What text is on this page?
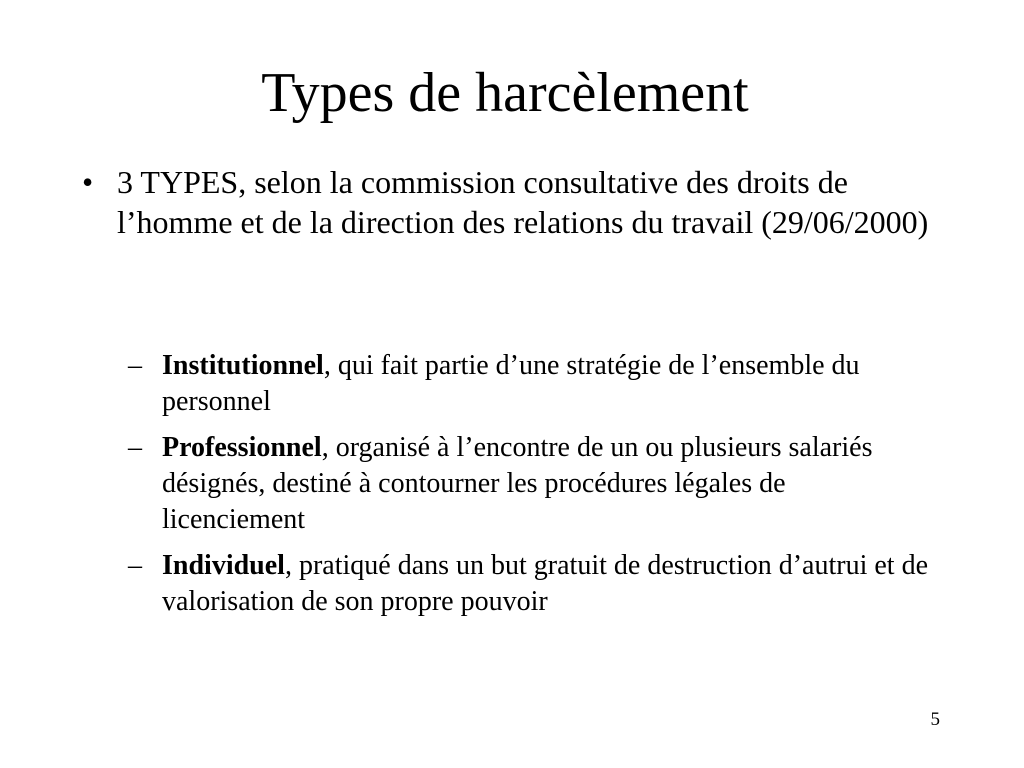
Types de harcèlement
• 3 TYPES, selon la commission consultative des droits de l’homme et de la direction des relations du travail (29/06/2000)
– Institutionnel, qui fait partie d’une stratégie de l’ensemble du personnel
– Professionnel, organisé à l’encontre de un ou plusieurs salariés désignés, destiné à contourner les procédures légales de licenciement
– Individuel, pratiqué dans un but gratuit de destruction d’autrui et de valorisation de son propre pouvoir
5
